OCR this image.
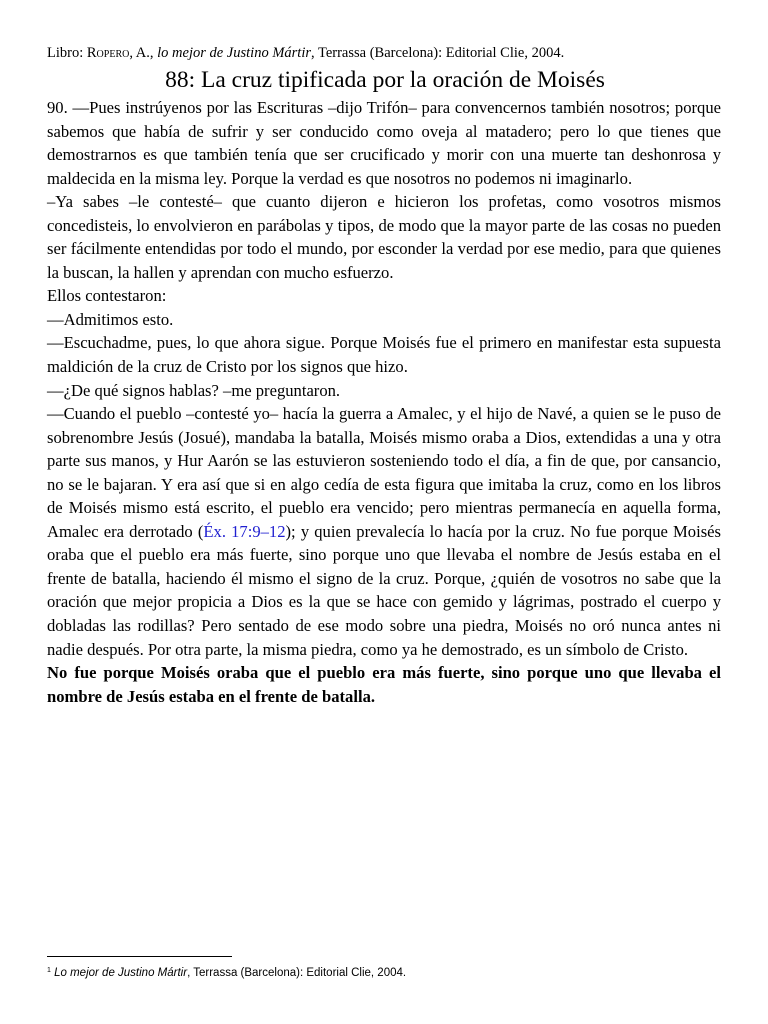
Libro: Ropero, A., lo mejor de Justino Mártir, Terrassa (Barcelona): Editorial Clie, 2004.
88: La cruz tipificada por la oración de Moisés

90. —Pues instrúyenos por las Escrituras –dijo Trifón– para convencernos también nosotros; porque sabemos que había de sufrir y ser conducido como oveja al matadero; pero lo que tienes que demostrarnos es que también tenía que ser crucificado y morir con una muerte tan deshonrosa y maldecida en la misma ley. Porque la verdad es que nosotros no podemos ni imaginarlo.

–Ya sabes –le contesté– que cuanto dijeron e hicieron los profetas, como vosotros mismos concedisteis, lo envolvieron en parábolas y tipos, de modo que la mayor parte de las cosas no pueden ser fácilmente entendidas por todo el mundo, por esconder la verdad por ese medio, para que quienes la buscan, la hallen y aprendan con mucho esfuerzo.

Ellos contestaron:

—Admitimos esto.

—Escuchadme, pues, lo que ahora sigue. Porque Moisés fue el primero en manifestar esta supuesta maldición de la cruz de Cristo por los signos que hizo.

—¿De qué signos hablas? –me preguntaron.

—Cuando el pueblo –contesté yo– hacía la guerra a Amalec, y el hijo de Navé, a quien se le puso de sobrenombre Jesús (Josué), mandaba la batalla, Moisés mismo oraba a Dios, extendidas a una y otra parte sus manos, y Hur Aarón se las estuvieron sosteniendo todo el día, a fin de que, por cansancio, no se le bajaran. Y era así que si en algo cedía de esta figura que imitaba la cruz, como en los libros de Moisés mismo está escrito, el pueblo era vencido; pero mientras permanecía en aquella forma, Amalec era derrotado (Éx. 17:9–12); y quien prevalecía lo hacía por la cruz. No fue porque Moisés oraba que el pueblo era más fuerte, sino porque uno que llevaba el nombre de Jesús estaba en el frente de batalla, haciendo él mismo el signo de la cruz. Porque, ¿quién de vosotros no sabe que la oración que mejor propicia a Dios es la que se hace con gemido y lágrimas, postrado el cuerpo y dobladas las rodillas? Pero sentado de ese modo sobre una piedra, Moisés no oró nunca antes ni nadie después. Por otra parte, la misma piedra, como ya he demostrado, es un símbolo de Cristo.

No fue porque Moisés oraba que el pueblo era más fuerte, sino porque uno que llevaba el nombre de Jesús estaba en el frente de batalla.

$^1$ Lo mejor de Justino Mártir, Terrassa (Barcelona): Editorial Clie, 2004.
